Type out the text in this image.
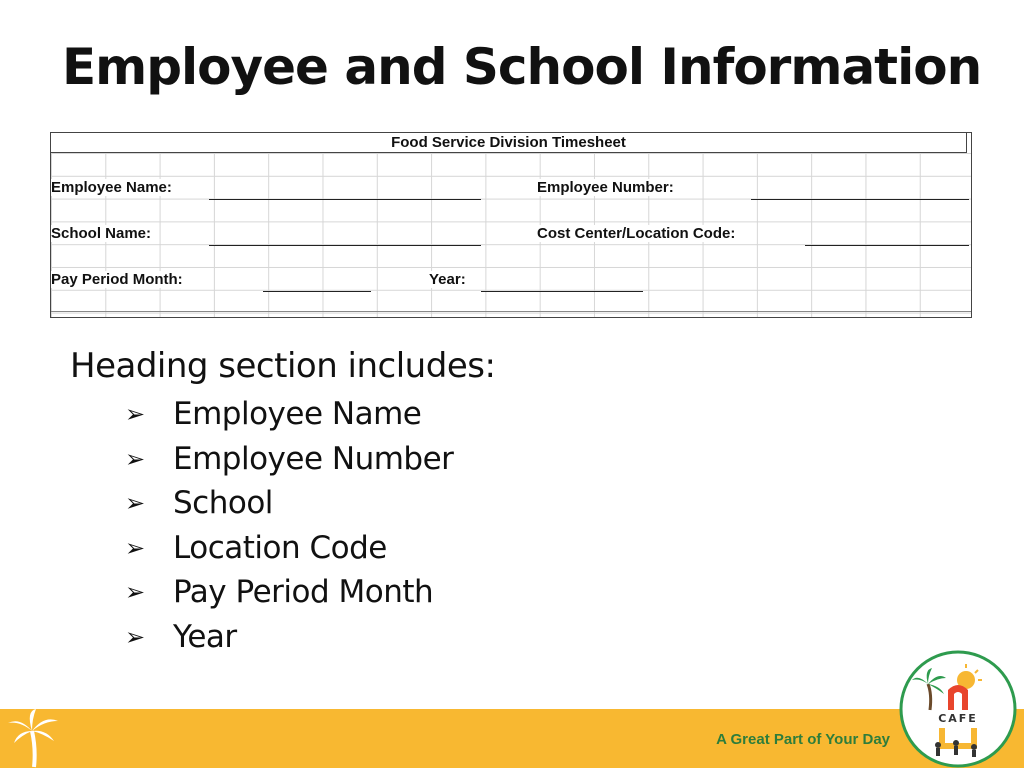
Employee and School Information
Food Service Division Timesheet
Employee Name:	Employee Number:
School Name:	Cost Center/Location Code:
Pay Period Month:	Year:
Heading section includes:
➢ Employee Name
➢ Employee Number
➢ School
➢ Location Code
➢ Pay Period Month
➢ Year
A Great Part of Your Day
CAFE
